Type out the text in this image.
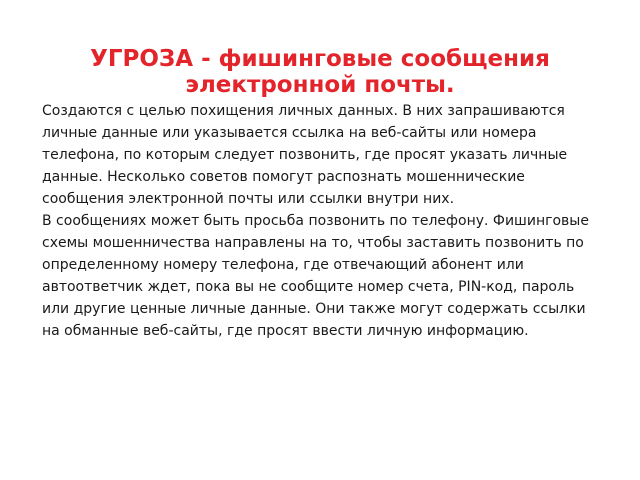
УГРОЗА - фишинговые сообщения электронной почты.
Создаются с целью похищения личных данных. В них запрашиваются
личные данные или указывается ссылка на веб-сайты или номера
телефона, по которым следует позвонить, где просят указать личные
данные. Несколько советов помогут распознать мошеннические
сообщения электронной почты или ссылки внутри них.
В сообщениях может быть просьба позвонить по телефону. Фишинговые
схемы мошенничества направлены на то, чтобы заставить позвонить по
определенному номеру телефона, где отвечающий абонент или
автоответчик ждет, пока вы не сообщите номер счета, PIN-код, пароль
или другие ценные личные данные. Они также могут содержать ссылки
на обманные веб-сайты, где просят ввести личную информацию.
